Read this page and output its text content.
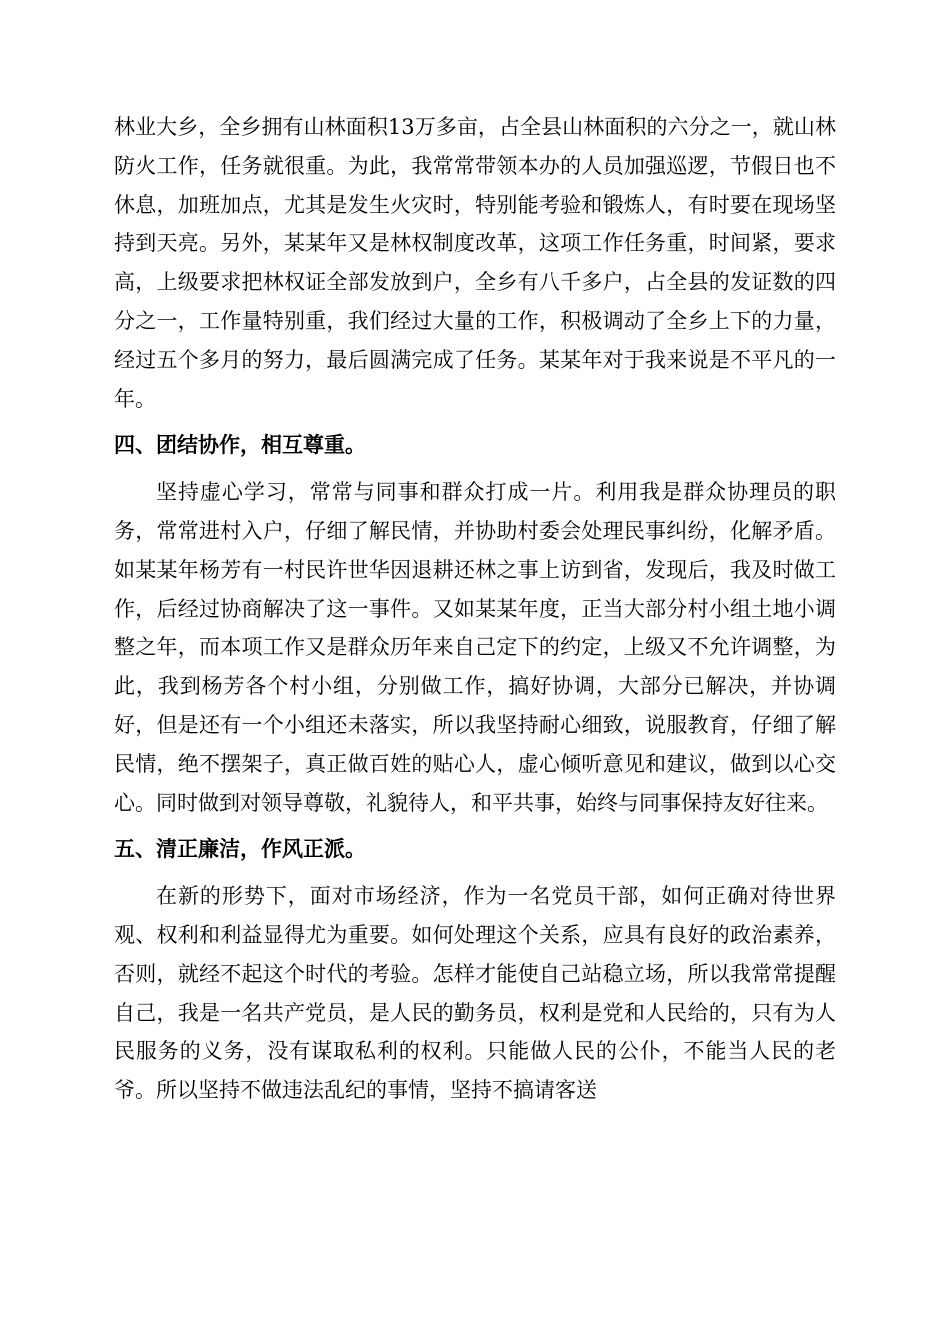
林业大乡，全乡拥有山林面积13万多亩，占全县山林面积的六分之一，就山林防火工作，任务就很重。为此，我常常带领本办的人员加强巡逻，节假日也不休息，加班加点，尤其是发生火灾时，特别能考验和锻炼人，有时要在现场坚持到天亮。另外，某某年又是林权制度改革，这项工作任务重，时间紧，要求高，上级要求把林权证全部发放到户，全乡有八千多户，占全县的发证数的四分之一，工作量特别重，我们经过大量的工作，积极调动了全乡上下的力量，经过五个多月的努力，最后圆满完成了任务。某某年对于我来说是不平凡的一年。

四、团结协作，相互尊重。

坚持虚心学习，常常与同事和群众打成一片。利用我是群众协理员的职务，常常进村入户，仔细了解民情，并协助村委会处理民事纠纷，化解矛盾。如某某年杨芳有一村民许世华因退耕还林之事上访到省，发现后，我及时做工作，后经过协商解决了这一事件。又如某某年度，正当大部分村小组土地小调整之年，而本项工作又是群众历年来自己定下的约定，上级又不允许调整，为此，我到杨芳各个村小组，分别做工作，搞好协调，大部分已解决，并协调好，但是还有一个小组还未落实，所以我坚持耐心细致，说服教育，仔细了解民情，绝不摆架子，真正做百姓的贴心人，虚心倾听意见和建议，做到以心交心。同时做到对领导尊敬，礼貌待人，和平共事，始终与同事保持友好往来。

五、清正廉洁，作风正派。

在新的形势下，面对市场经济，作为一名党员干部，如何正确对待世界观、权利和利益显得尤为重要。如何处理这个关系，应具有良好的政治素养，否则，就经不起这个时代的考验。怎样才能使自己站稳立场，所以我常常提醒自己，我是一名共产党员，是人民的勤务员，权利是党和人民给的，只有为人民服务的义务，没有谋取私利的权利。只能做人民的公仆，不能当人民的老爷。所以坚持不做违法乱纪的事情，坚持不搞请客送
